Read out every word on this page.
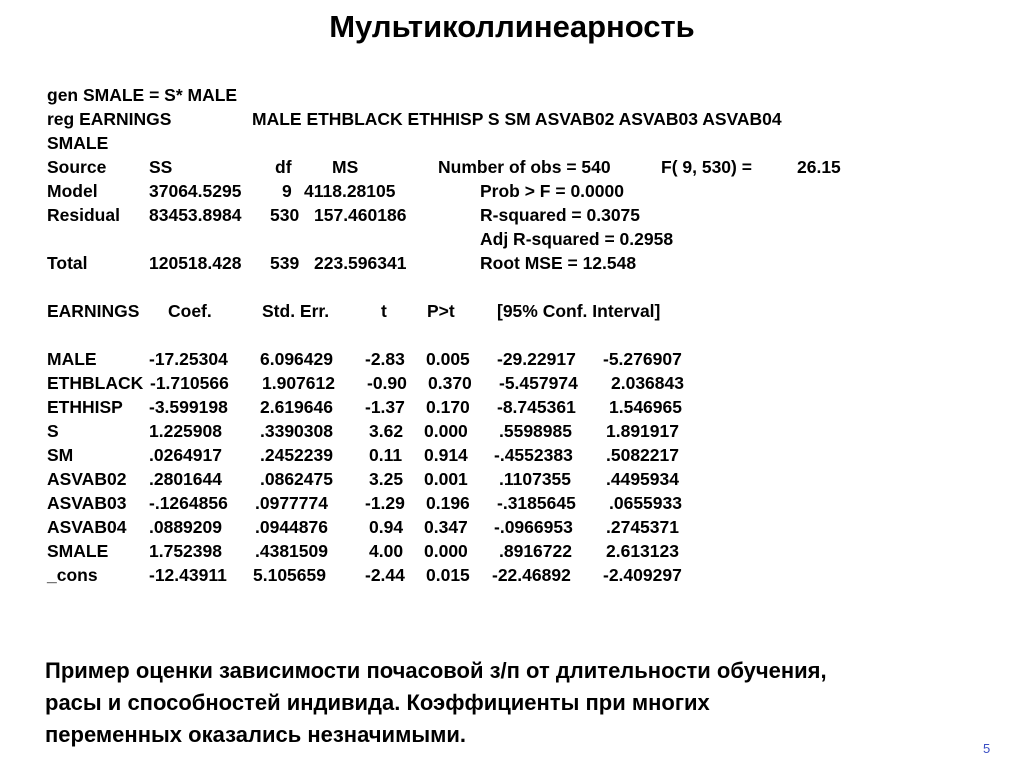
Мультиколлинеарность
gen SMALE = S* MALE
reg EARNINGS	MALE ETHBLACK ETHHISP S SM ASVAB02 ASVAB03 ASVAB04
SMALE
Source SS	df MS	Number of obs = 540	F( 9, 530) =	26.15
Model	37064.5295 9 4118.28105	Prob > F = 0.0000
Residual 83453.8984 530 157.460186	R-squared = 0.3075
Adj R-squared = 0.2958
Total	120518.428 539 223.596341	Root MSE = 12.548
EARNINGS Coef.	Std. Err.	t P>t [95% Conf. Interval]
MALE	-17.25304 6.096429 -2.83 0.005 -29.22917 -5.276907
ETHBLACK -1.710566 1.907612 -0.90 0.370 -5.457974 2.036843
ETHHISP -3.599198 2.619646 -1.37 0.170 -8.745361 1.546965
S	1.225908 .3390308 3.62 0.000 .5598985 1.891917
SM	.0264917 .2452239 0.11 0.914 -.4552383 .5082217
ASVAB02 .2801644 .0862475 3.25 0.001 .1107355 .4495934
ASVAB03 -.1264856 .0977774 -1.29 0.196 -.3185645 .0655933
ASVAB04 .0889209 .0944876 0.94 0.347 -.0966953 .2745371
SMALE 1.752398 .4381509 4.00 0.000 .8916722 2.613123
_cons	-12.43911 5.105659 -2.44 0.015 -22.46892 -2.409297
Пример оценки зависимости почасовой з/п от длительности обучения,
расы и способностей индивида. Коэффициенты при многих
переменных оказались незначимыми.
5
